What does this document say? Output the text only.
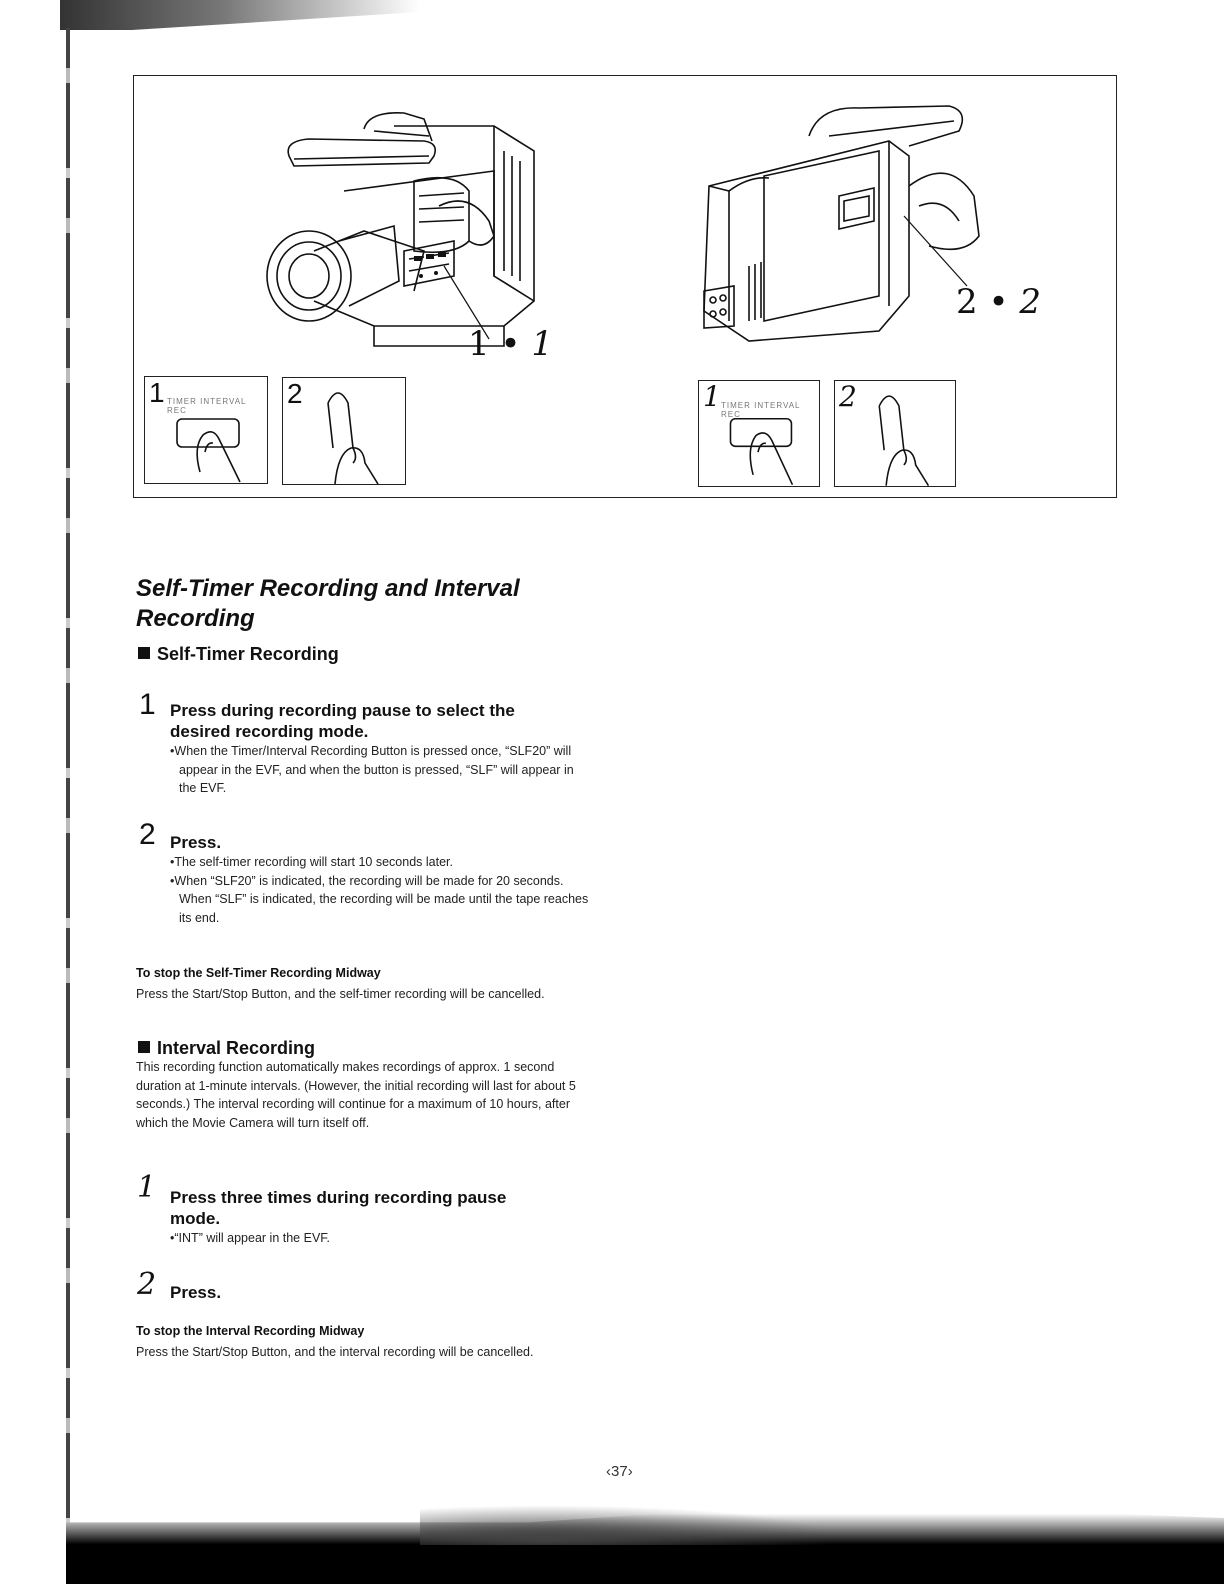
1 • 1
2 • 2
1 TIMER INTERVAL REC
2	1 TIMER INTERVAL REC
2
Self-Timer Recording and Interval Recording
Self-Timer Recording
1 Press during recording pause to select the desired recording mode.

•When the Timer/Interval Recording Button is pressed once, “SLF20” will appear in the EVF, and when the button is pressed, “SLF” will appear in the EVF.

2 Press.

•The self-timer recording will start 10 seconds later.

•When “SLF20” is indicated, the recording will be made for 20 seconds.

When “SLF” is indicated, the recording will be made until the tape reaches its end.

To stop the Self-Timer Recording Midway
Press the Start/Stop Button, and the self-timer recording will be cancelled.
Interval Recording
This recording function automatically makes recordings of approx. 1 second duration at 1-minute intervals. (However, the initial recording will last for about 5 seconds.) The interval recording will continue for a maximum of 10 hours, after which the Movie Camera will turn itself off.
1 Press three times during recording pause mode.

•“INT” will appear in the EVF.

2 Press.
To stop the Interval Recording Midway
Press the Start/Stop Button, and the interval recording will be cancelled.
‹37›
